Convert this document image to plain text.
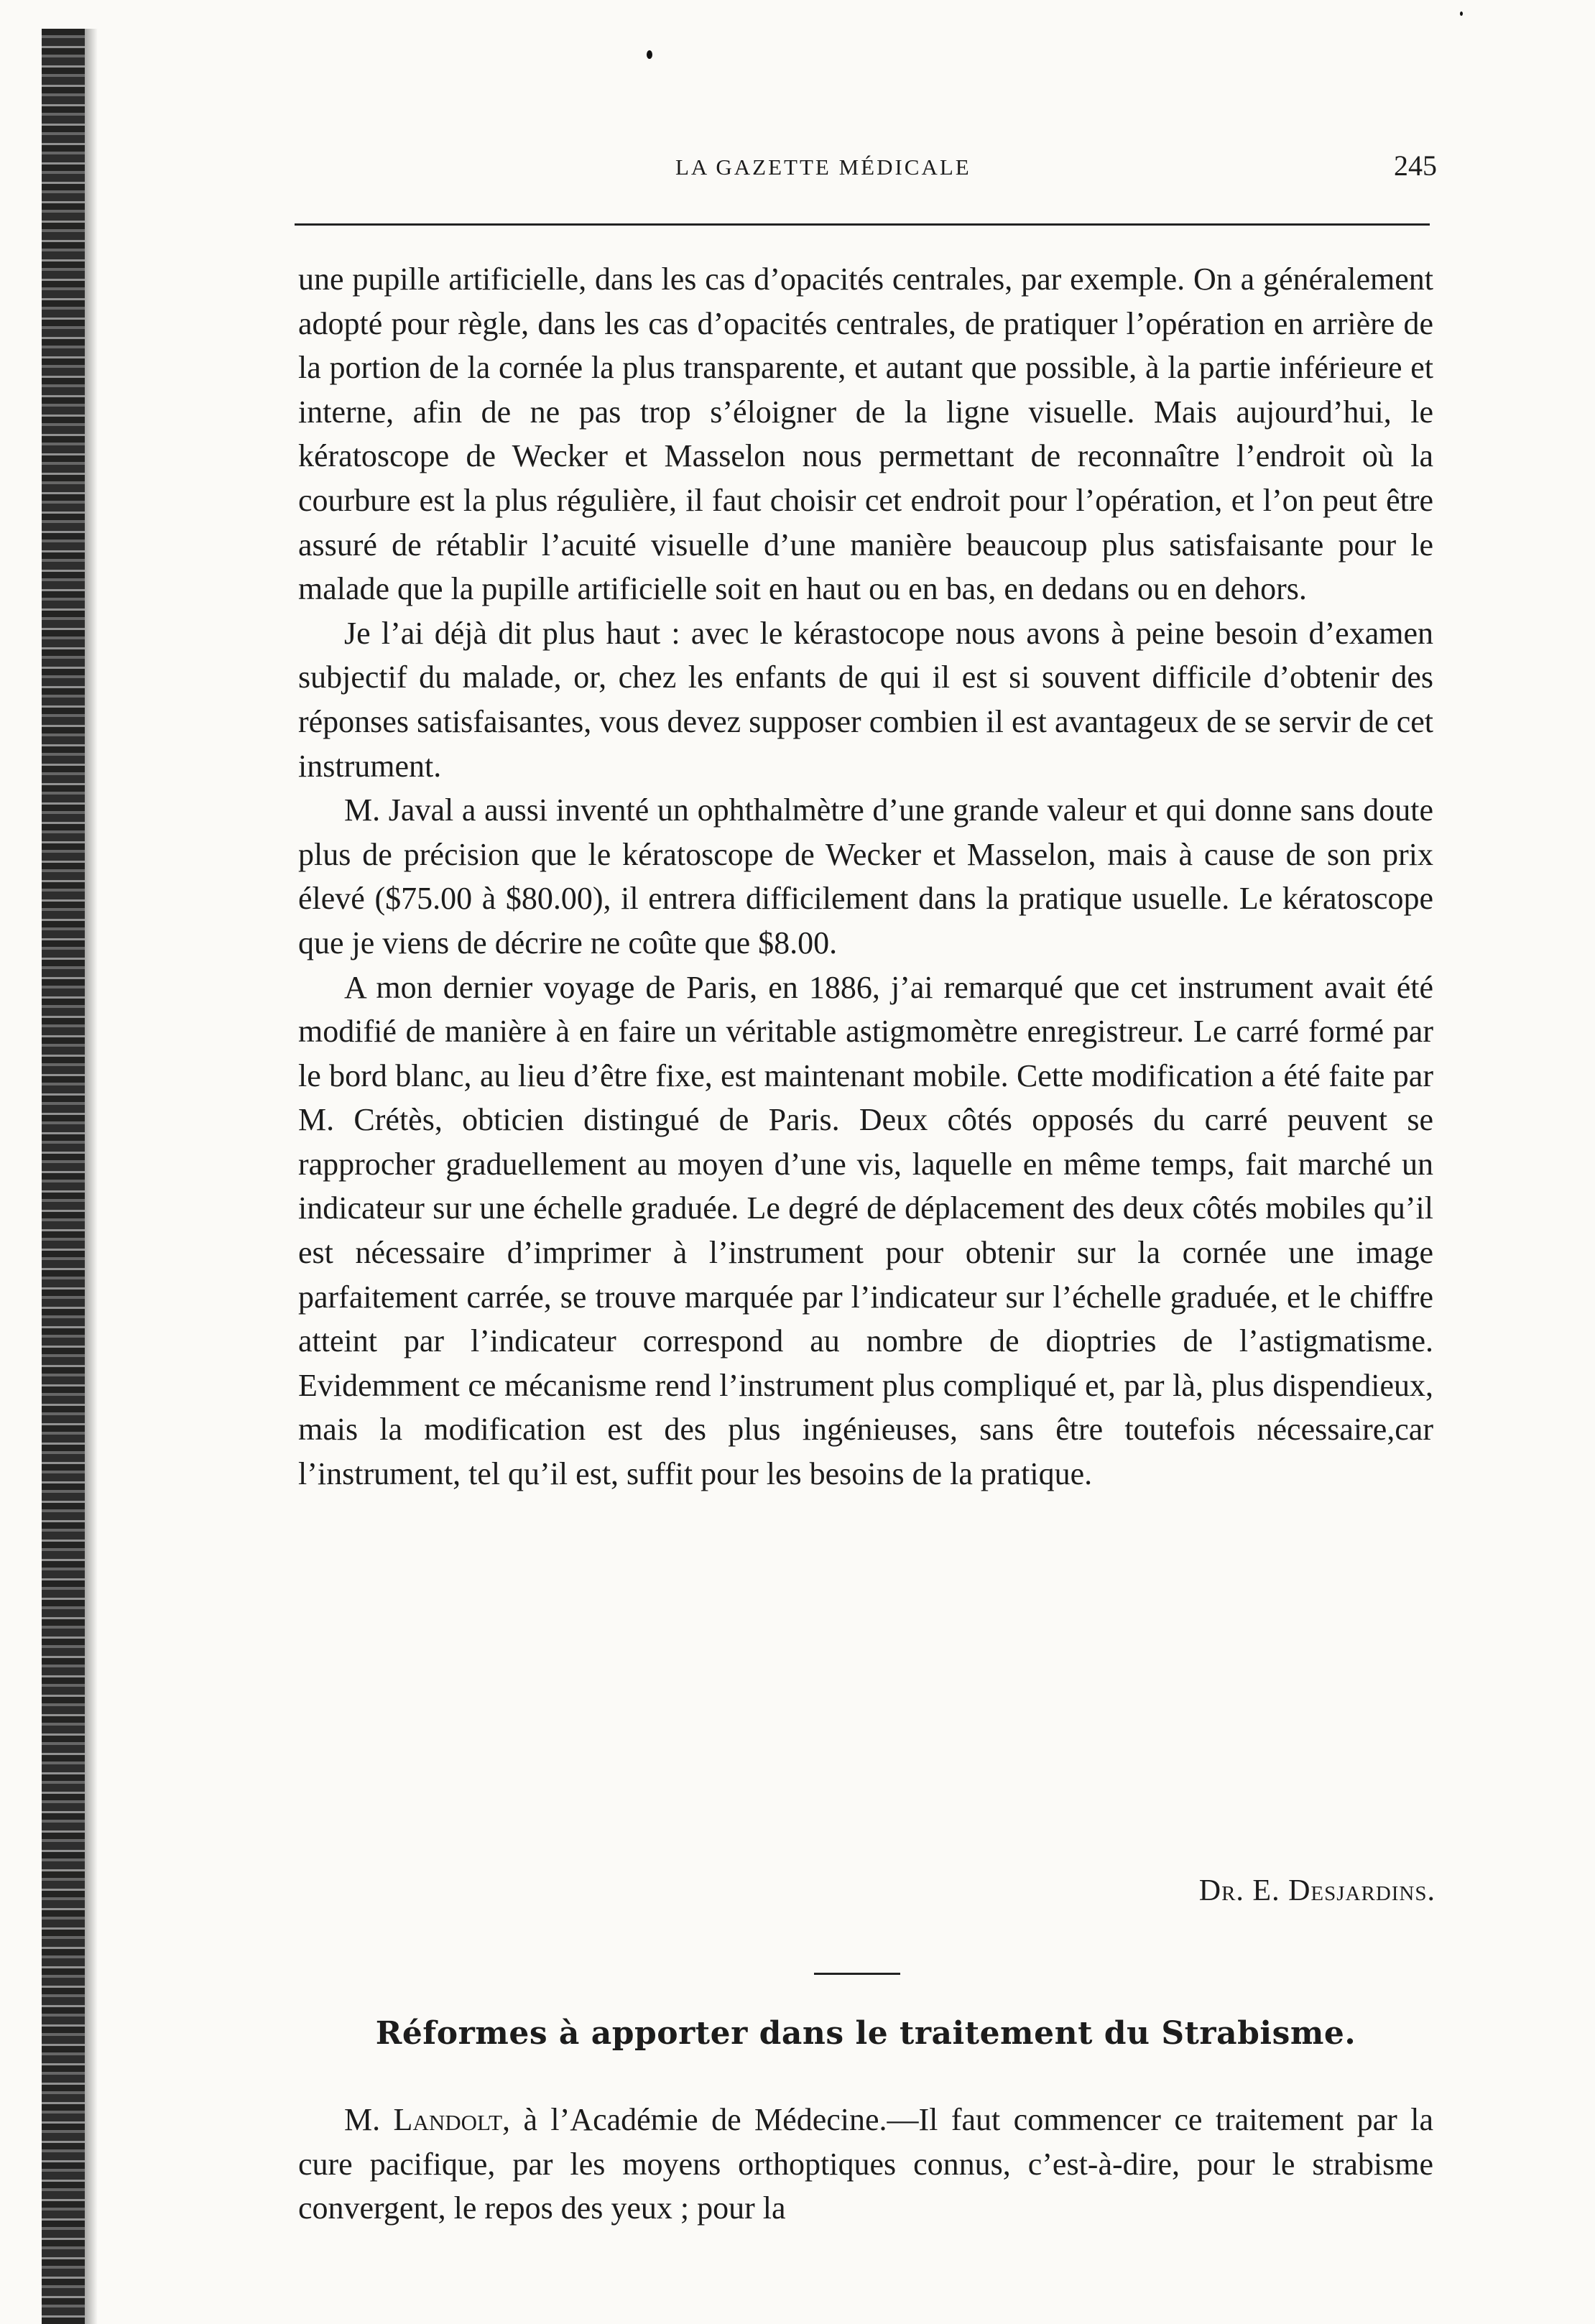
LA GAZETTE MÉDICALE	245

une pupille artificielle, dans les cas d’opacités centrales, par exemple. On a généralement adopté pour règle, dans les cas d’opacités centrales, de pratiquer l’opération en arrière de la portion de la cornée la plus transparente, et autant que possible, à la partie inférieure et interne, afin de ne pas trop s’éloigner de la ligne visuelle. Mais aujourd’hui, le kératoscope de Wecker et Masselon nous permettant de reconnaître l’endroit où la courbure est la plus régulière, il faut choisir cet endroit pour l’opération, et l’on peut être assuré de rétablir l’acuité visuelle d’une manière beaucoup plus satisfaisante pour le malade que la pupille artificielle soit en haut ou en bas, en dedans ou en dehors.

Je l’ai déjà dit plus haut : avec le kérastocope nous avons à peine besoin d’examen subjectif du malade, or, chez les enfants de qui il est si souvent difficile d’obtenir des réponses satisfaisantes, vous devez supposer combien il est avantageux de se servir de cet instrument.

M. Javal a aussi inventé un ophthalmètre d’une grande valeur et qui donne sans doute plus de précision que le kératoscope de Wecker et Masselon, mais à cause de son prix élevé ($75.00 à $80.00), il entrera difficilement dans la pratique usuelle. Le kératoscope que je viens de décrire ne coûte que $8.00.

A mon dernier voyage de Paris, en 1886, j’ai remarqué que cet instrument avait été modifié de manière à en faire un véritable astigmomètre enregistreur. Le carré formé par le bord blanc, au lieu d’être fixe, est maintenant mobile. Cette modification a été faite par M. Crétès, obticien distingué de Paris. Deux côtés opposés du carré peuvent se rapprocher graduellement au moyen d’une vis, laquelle en même temps, fait marché un indicateur sur une échelle graduée. Le degré de déplacement des deux côtés mobiles qu’il est nécessaire d’imprimer à l’instrument pour obtenir sur la cornée une image parfaitement carrée, se trouve marquée par l’indicateur sur l’échelle graduée, et le chiffre atteint par l’indicateur correspond au nombre de dioptries de l’astigmatisme. Evidemment ce mécanisme rend l’instrument plus compliqué et, par là, plus dispendieux, mais la modification est des plus ingénieuses, sans être toutefois nécessaire,car l’instrument, tel qu’il est, suffit pour les besoins de la pratique.

Dr. E. Desjardins.
Réformes à apporter dans le traitement du Strabisme.

M. Landolt, à l’Académie de Médecine.—Il faut commencer ce traitement par la cure pacifique, par les moyens orthoptiques connus, c’est-à-dire, pour le strabisme convergent, le repos des yeux ; pour la
